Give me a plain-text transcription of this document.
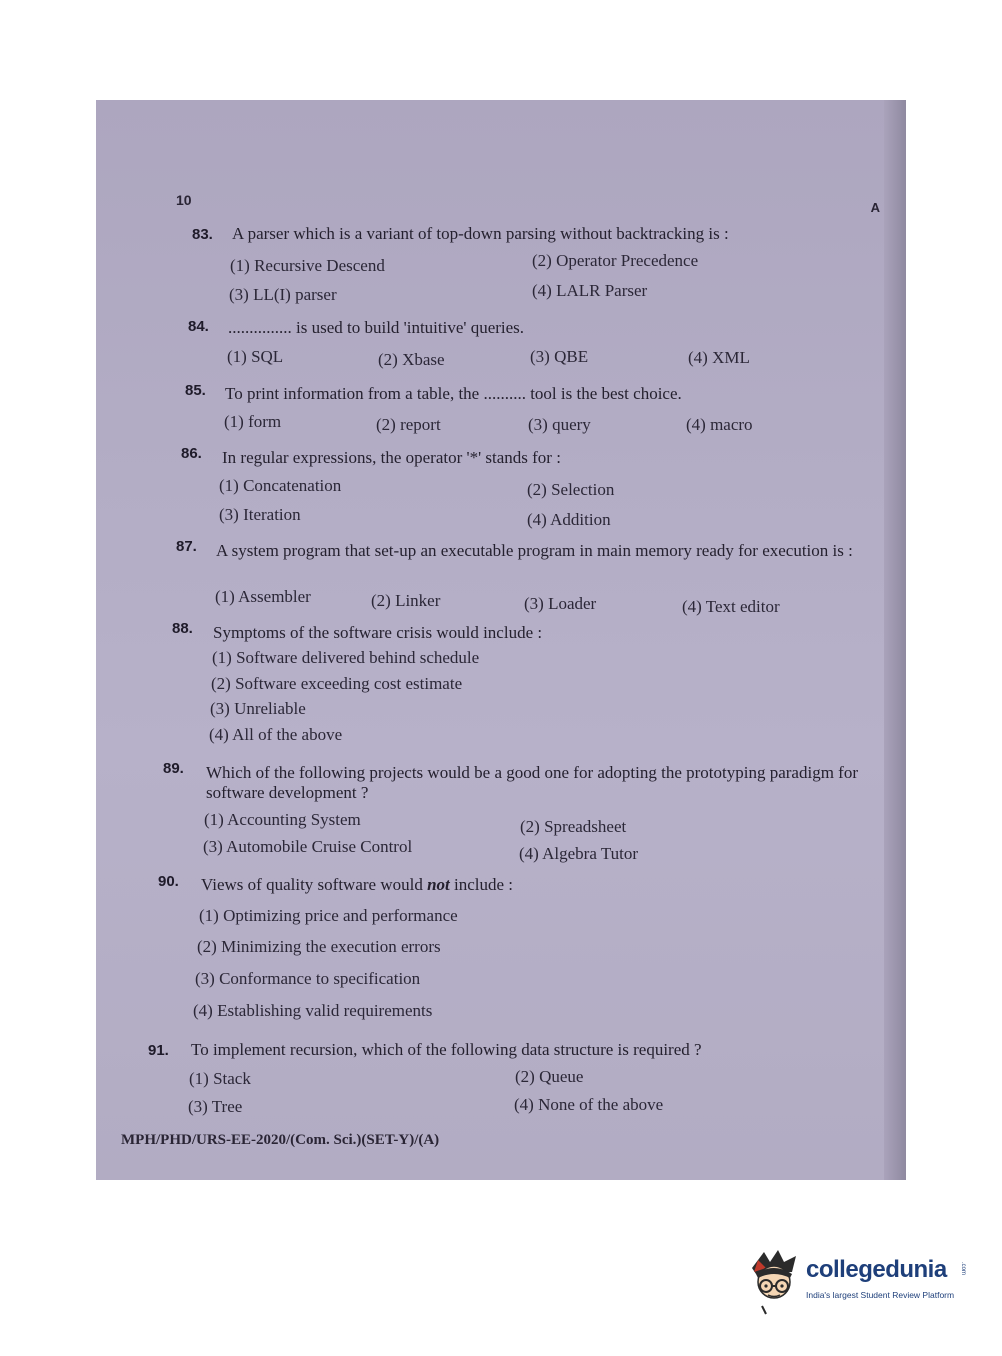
10	A
83. A parser which is a variant of top-down parsing without backtracking is :
(1) Recursive Descend	(2) Operator Precedence
(3) LL(I) parser	(4) LALR Parser
84. ............... is used to build 'intuitive' queries.
(1) SQL	(2) Xbase	(3) QBE	(4) XML
85. To print information from a table, the .......... tool is the best choice.
(1) form	(2) report	(3) query	(4) macro
86. In regular expressions, the operator '*' stands for :
(1) Concatenation	(2) Selection
(3) Iteration	(4) Addition
87. A system program that set-up an executable program in main memory ready for execution is :
(1) Assembler	(2) Linker	(3) Loader	(4) Text editor
88. Symptoms of the software crisis would include :
(1) Software delivered behind schedule
(2) Software exceeding cost estimate
(3) Unreliable
(4) All of the above
89. Which of the following projects would be a good one for adopting the prototyping paradigm for software development ?
(1) Accounting System	(2) Spreadsheet
(3) Automobile Cruise Control	(4) Algebra Tutor
90. Views of quality software would not include :
(1) Optimizing price and performance
(2) Minimizing the execution errors
(3) Conformance to specification
(4) Establishing valid requirements
91. To implement recursion, which of the following data structure is required ?
(1) Stack	(2) Queue
(3) Tree	(4) None of the above
MPH/PHD/URS-EE-2020/(Com. Sci.)(SET-Y)/(A)
collegedunia .com
India's largest Student Review Platform
